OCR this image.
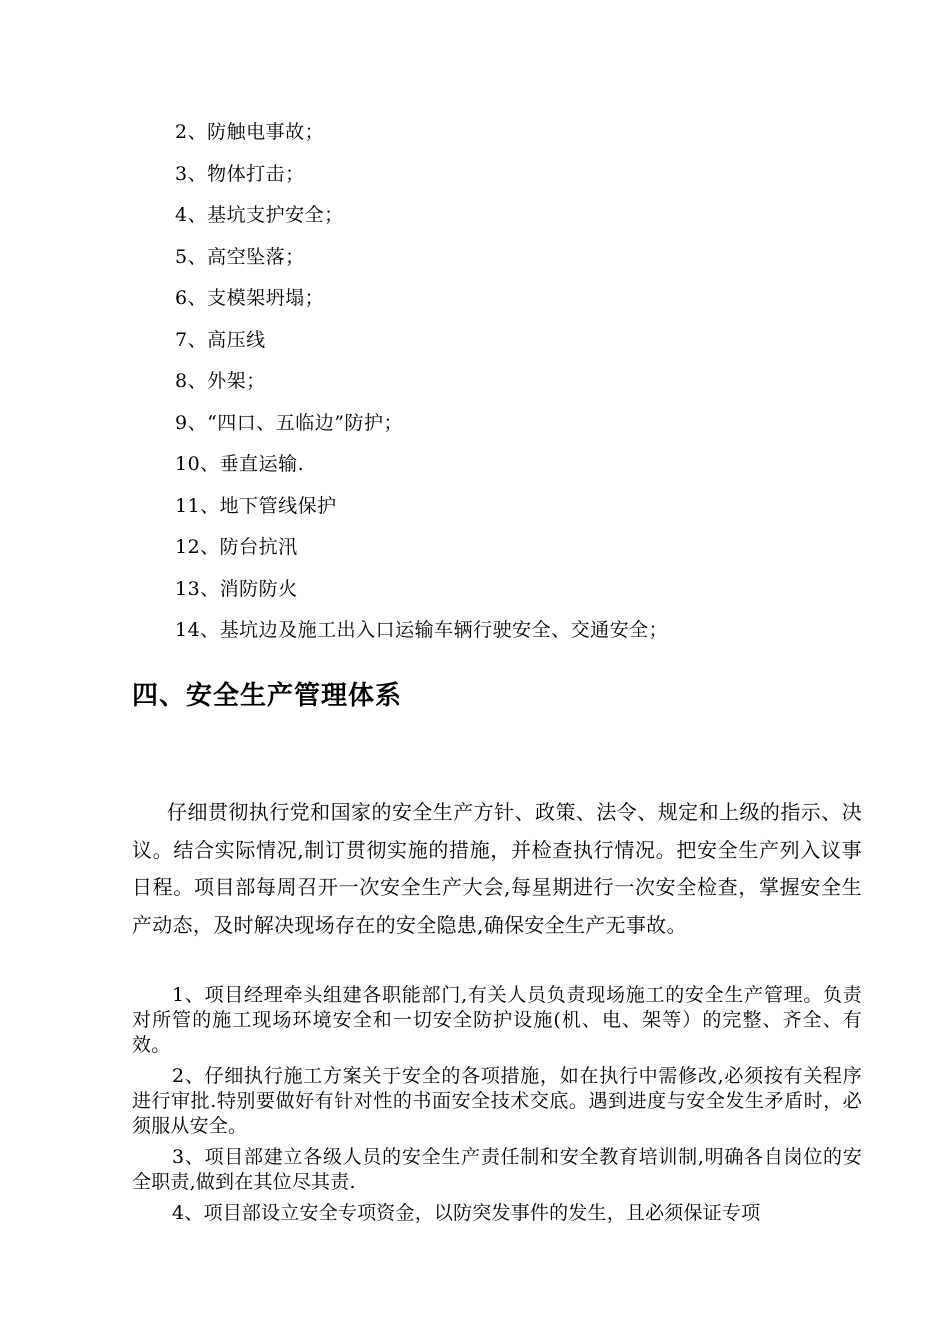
2、防触电事故；
3、物体打击；
4、基坑支护安全；
5、高空坠落；
6、支模架坍塌；
7、高压线
8、外架；
9、“四口、五临边”防护；
10、垂直运输.
11、地下管线保护
12、防台抗汛
13、消防防火
14、基坑边及施工出入口运输车辆行驶安全、交通安全；
四、安全生产管理体系

仔细贯彻执行党和国家的安全生产方针、政策、法令、规定和上级的指示、决议。结合实际情况,制订贯彻实施的措施，并检查执行情况。把安全生产列入议事日程。项目部每周召开一次安全生产大会,每星期进行一次安全检查，掌握安全生产动态，及时解决现场存在的安全隐患,确保安全生产无事故。

1、项目经理牵头组建各职能部门,有关人员负责现场施工的安全生产管理。负责对所管的施工现场环境安全和一切安全防护设施(机、电、架等）的完整、齐全、有效。

2、仔细执行施工方案关于安全的各项措施，如在执行中需修改,必须按有关程序进行审批.特别要做好有针对性的书面安全技术交底。遇到进度与安全发生矛盾时，必须服从安全。

3、项目部建立各级人员的安全生产责任制和安全教育培训制,明确各自岗位的安全职责,做到在其位尽其责.

4、项目部设立安全专项资金，以防突发事件的发生，且必须保证专项
